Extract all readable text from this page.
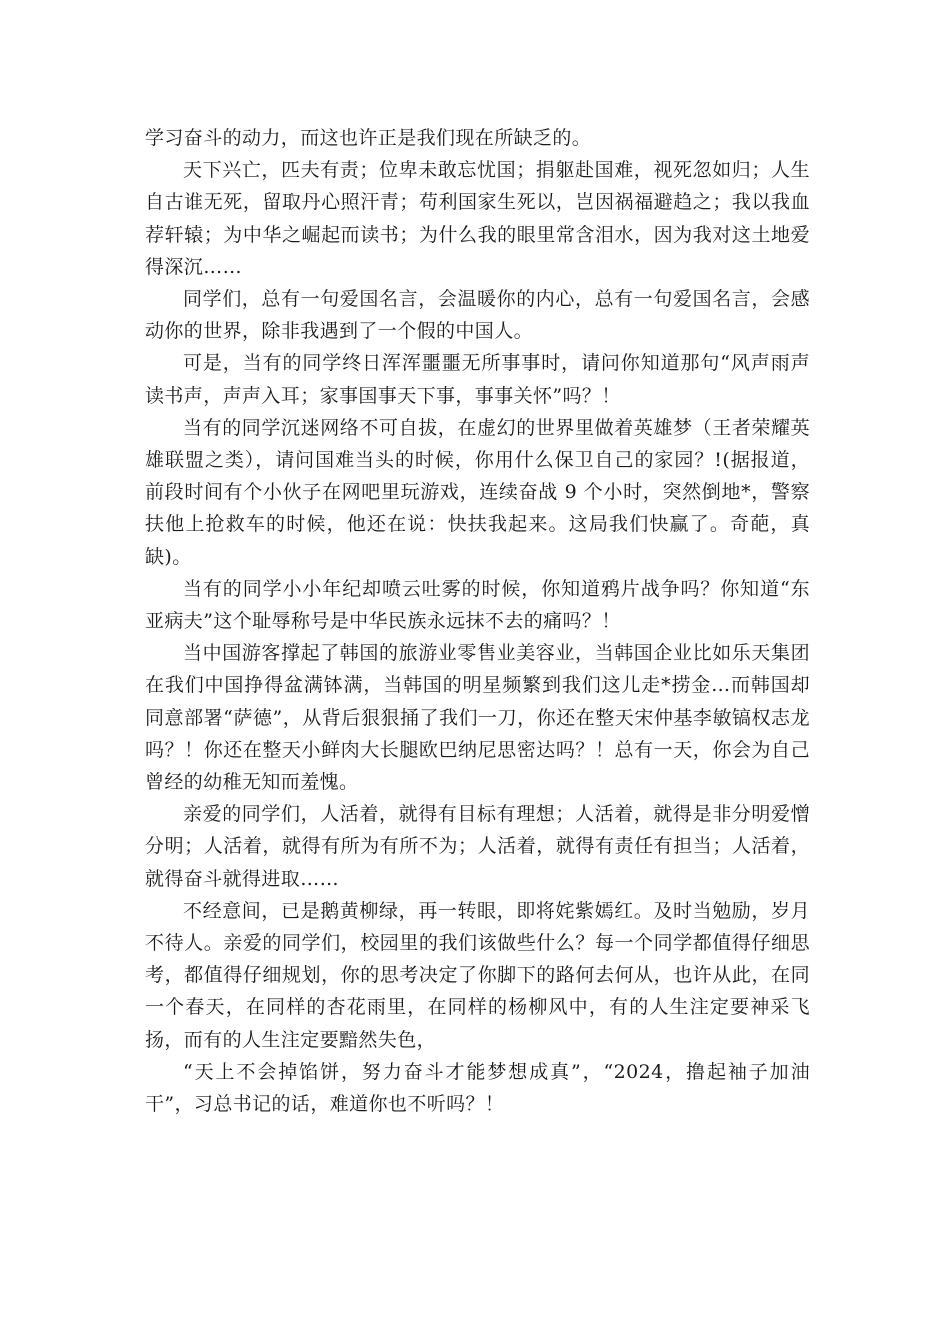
学习奋斗的动力，而这也许正是我们现在所缺乏的。

天下兴亡，匹夫有责；位卑未敢忘忧国；捐躯赴国难，视死忽如归；人生自古谁无死，留取丹心照汗青；苟利国家生死以，岂因祸福避趋之；我以我血荐轩辕；为中华之崛起而读书；为什么我的眼里常含泪水，因为我对这土地爱得深沉……

同学们，总有一句爱国名言，会温暖你的内心，总有一句爱国名言，会感动你的世界，除非我遇到了一个假的中国人。

可是，当有的同学终日浑浑噩噩无所事事时，请问你知道那句“风声雨声读书声，声声入耳；家事国事天下事，事事关怀”吗？！

当有的同学沉迷网络不可自拔，在虚幻的世界里做着英雄梦（王者荣耀英雄联盟之类），请问国难当头的时候，你用什么保卫自己的家园？!(据报道，前段时间有个小伙子在网吧里玩游戏，连续奋战 9 个小时，突然倒地*，警察扶他上抢救车的时候，他还在说：快扶我起来。这局我们快赢了。奇葩，真缺)。

当有的同学小小年纪却喷云吐雾的时候，你知道鸦片战争吗？你知道“东亚病夫”这个耻辱称号是中华民族永远抹不去的痛吗？！

当中国游客撑起了韩国的旅游业零售业美容业，当韩国企业比如乐天集团在我们中国挣得盆满钵满，当韩国的明星频繁到我们这儿走*捞金…而韩国却同意部署“萨德”，从背后狠狠捅了我们一刀，你还在整天宋仲基李敏镐权志龙吗？！你还在整天小鲜肉大长腿欧巴纳尼思密达吗？！总有一天，你会为自己曾经的幼稚无知而羞愧。

亲爱的同学们，人活着，就得有目标有理想；人活着，就得是非分明爱憎分明；人活着，就得有所为有所不为；人活着，就得有责任有担当；人活着，就得奋斗就得进取……

不经意间，已是鹅黄柳绿，再一转眼，即将姹紫嫣红。及时当勉励，岁月不待人。亲爱的同学们，校园里的我们该做些什么？每一个同学都值得仔细思考，都值得仔细规划，你的思考决定了你脚下的路何去何从，也许从此，在同一个春天，在同样的杏花雨里，在同样的杨柳风中，有的人生注定要神采飞扬，而有的人生注定要黯然失色，

“天上不会掉馅饼，努力奋斗才能梦想成真”，“2024，撸起袖子加油干”，习总书记的话，难道你也不听吗？！
